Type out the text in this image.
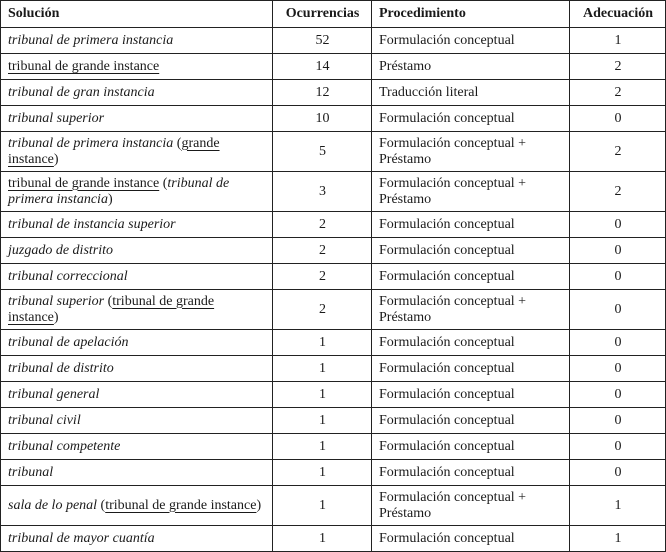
Solución	Ocurrencias	Procedimiento	Adecuación
tribunal de primera instancia	52	Formulación conceptual	1
tribunal de grande instance	14	Préstamo	2
tribunal de gran instancia	12	Traducción literal	2
tribunal superior	10	Formulación conceptual	0
tribunal de primera instancia (grande instance)	5	Formulación conceptual + Préstamo	2
tribunal de grande instance (tribunal de primera instancia)	3	Formulación conceptual + Préstamo	2
tribunal de instancia superior	2	Formulación conceptual	0
juzgado de distrito	2	Formulación conceptual	0
tribunal correccional	2	Formulación conceptual	0
tribunal superior (tribunal de grande instance)	2	Formulación conceptual + Préstamo	0
tribunal de apelación	1	Formulación conceptual	0
tribunal de distrito	1	Formulación conceptual	0
tribunal general	1	Formulación conceptual	0
tribunal civil	1	Formulación conceptual	0
tribunal competente	1	Formulación conceptual	0
tribunal	1	Formulación conceptual	0
sala de lo penal (tribunal de grande instance)	1	Formulación conceptual + Préstamo	1
tribunal de mayor cuantía	1	Formulación conceptual	1
